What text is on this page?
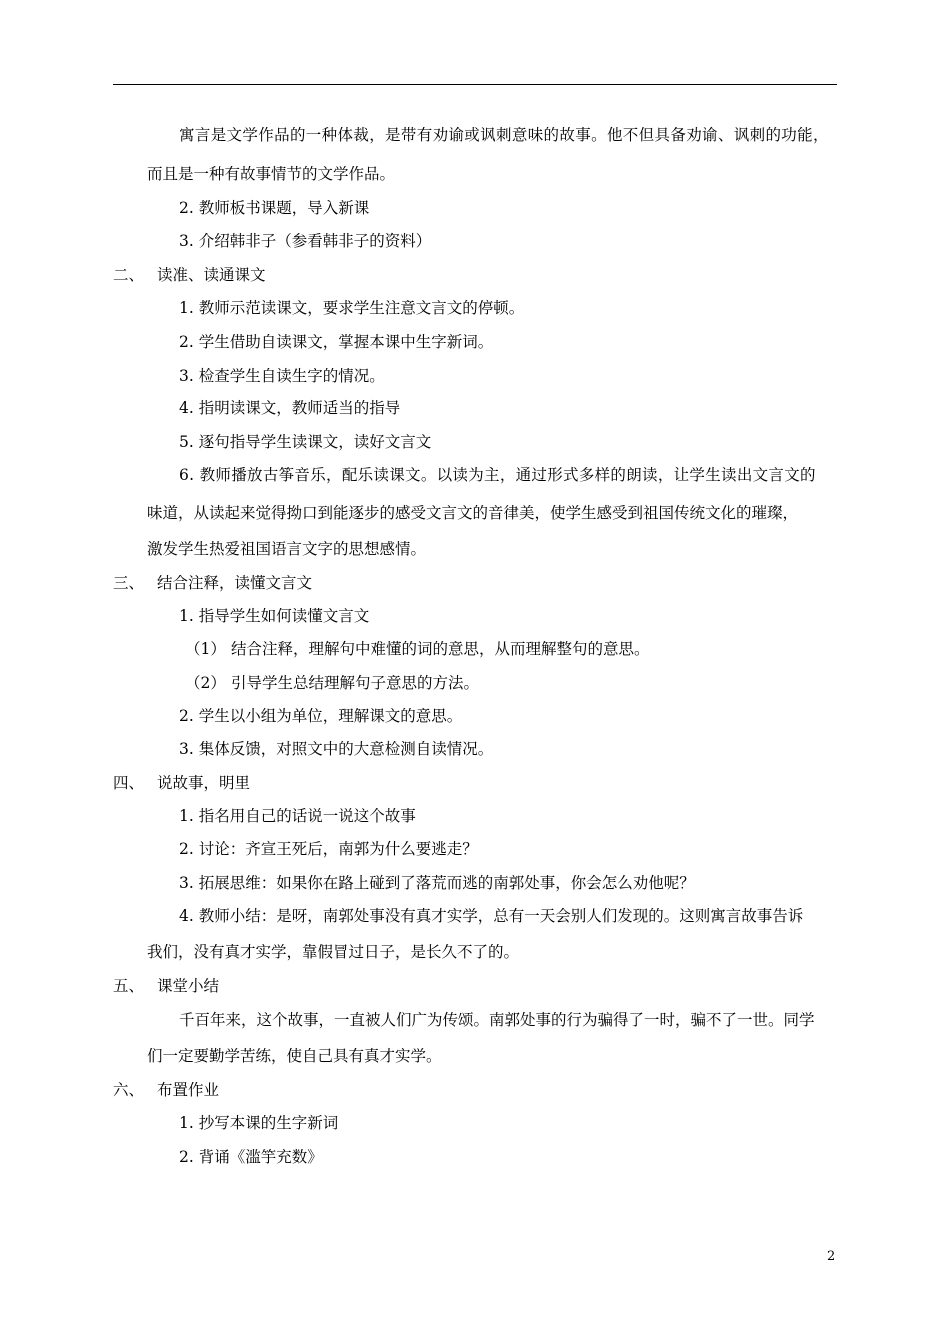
寓言是文学作品的一种体裁，是带有劝谕或讽刺意味的故事。他不但具备劝谕、讽刺的功能，
而且是一种有故事情节的文学作品。
2. 教师板书课题，导入新课
3. 介绍韩非子（参看韩非子的资料）
二、 读准、读通课文
1. 教师示范读课文，要求学生注意文言文的停顿。
2. 学生借助自读课文，掌握本课中生字新词。
3. 检查学生自读生字的情况。
4. 指明读课文，教师适当的指导
5. 逐句指导学生读课文，读好文言文
6. 教师播放古筝音乐，配乐读课文。以读为主，通过形式多样的朗读，让学生读出文言文的
味道，从读起来觉得拗口到能逐步的感受文言文的音律美，使学生感受到祖国传统文化的璀璨，
激发学生热爱祖国语言文字的思想感情。
三、 结合注释，读懂文言文
1. 指导学生如何读懂文言文
（1） 结合注释，理解句中难懂的词的意思，从而理解整句的意思。
（2） 引导学生总结理解句子意思的方法。
2. 学生以小组为单位，理解课文的意思。
3. 集体反馈，对照文中的大意检测自读情况。
四、 说故事，明里
1. 指名用自己的话说一说这个故事
2. 讨论：齐宣王死后，南郭为什么要逃走？
3. 拓展思维：如果你在路上碰到了落荒而逃的南郭处事，你会怎么劝他呢？
4. 教师小结：是呀，南郭处事没有真才实学，总有一天会别人们发现的。这则寓言故事告诉
我们，没有真才实学，靠假冒过日子，是长久不了的。
五、 课堂小结
千百年来，这个故事，一直被人们广为传颂。南郭处事的行为骗得了一时，骗不了一世。同学
们一定要勤学苦练，使自己具有真才实学。
六、 布置作业
1. 抄写本课的生字新词
2. 背诵《滥竽充数》
2
